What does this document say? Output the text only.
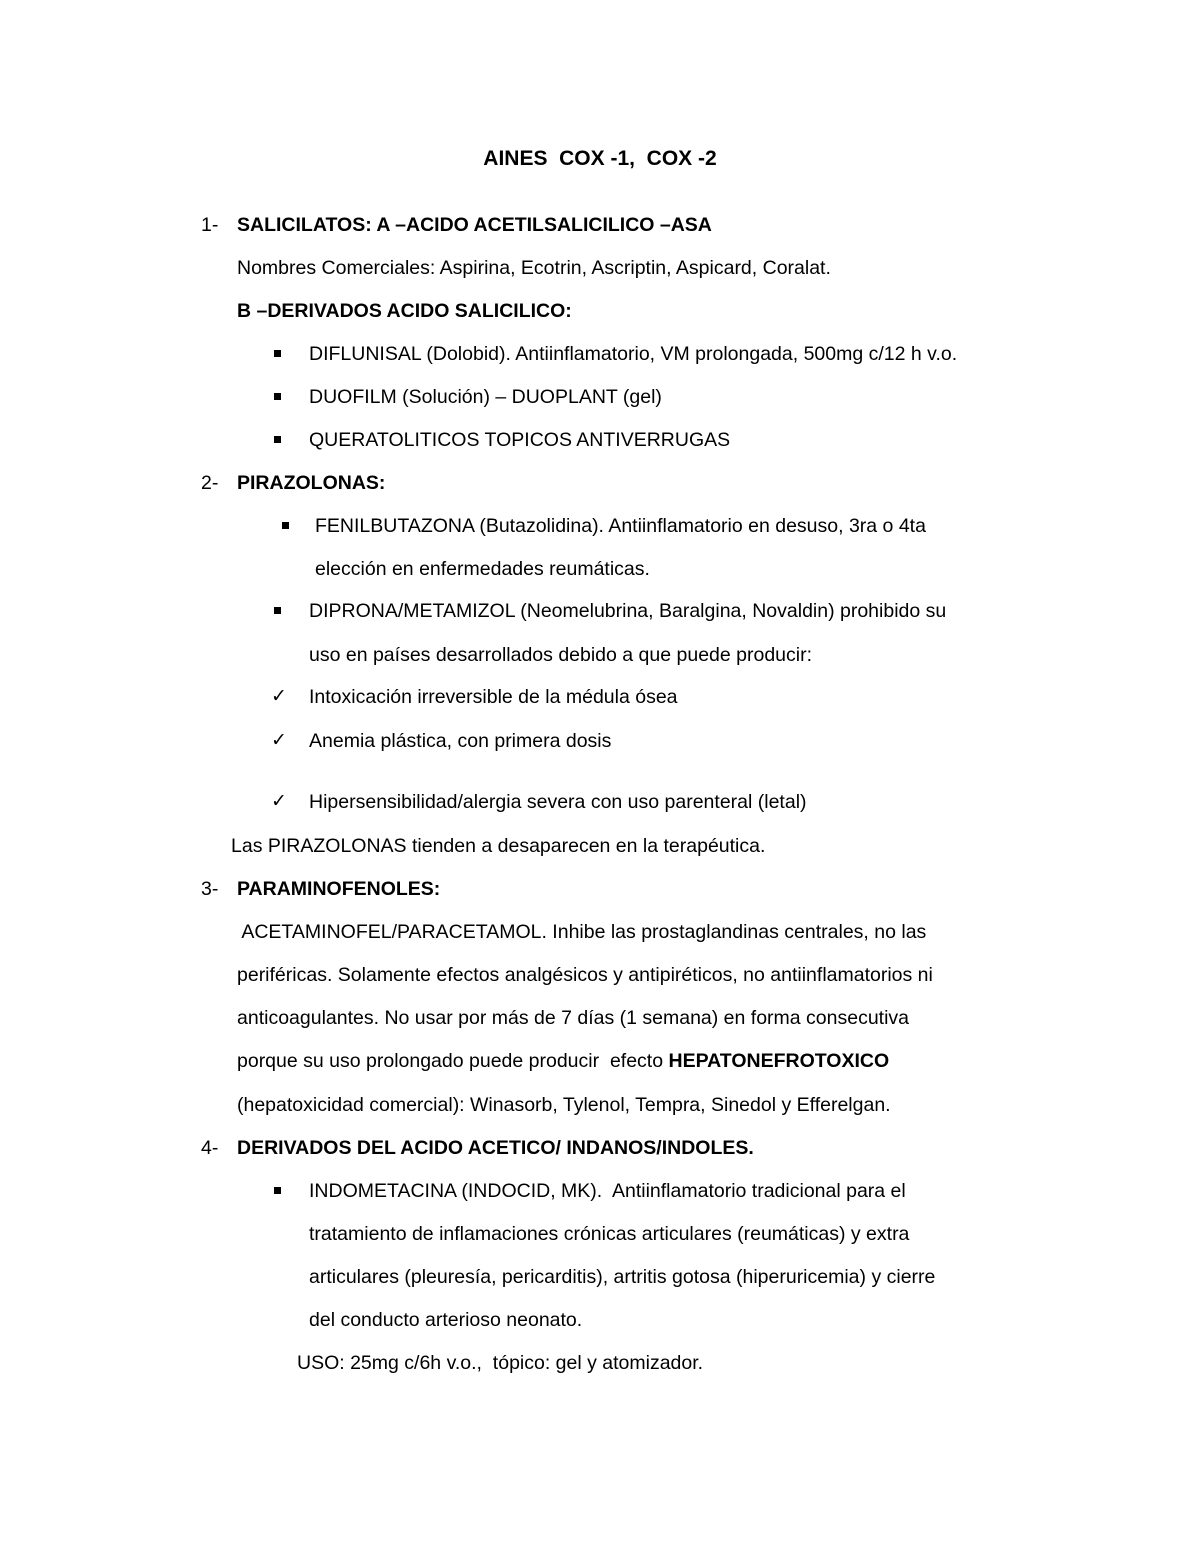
AINES  COX -1,  COX -2
1- SALICILATOS: A –ACIDO ACETILSALICILICO –ASA
Nombres Comerciales: Aspirina, Ecotrin, Ascriptin, Aspicard, Coralat.
B –DERIVADOS ACIDO SALICILICO:
DIFLUNISAL (Dolobid). Antiinflamatorio, VM prolongada, 500mg c/12 h v.o.
DUOFILM (Solución) – DUOPLANT (gel)
QUERATOLITICOS TOPICOS ANTIVERRUGAS
2- PIRAZOLONAS:
FENILBUTAZONA (Butazolidina). Antiinflamatorio en desuso, 3ra o 4ta
elección en enfermedades reumáticas.
DIPRONA/METAMIZOL (Neomelubrina, Baralgina, Novaldin) prohibido su
uso en países desarrollados debido a que puede producir:
✓ Intoxicación irreversible de la médula ósea
✓ Anemia plástica, con primera dosis
✓ Hipersensibilidad/alergia severa con uso parenteral (letal)
Las PIRAZOLONAS tienden a desaparecen en la terapéutica.
3- PARAMINOFENOLES:
ACETAMINOFEL/PARACETAMOL. Inhibe las prostaglandinas centrales, no las
periféricas. Solamente efectos analgésicos y antipiréticos, no antiinflamatorios ni
anticoagulantes. No usar por más de 7 días (1 semana) en forma consecutiva
porque su uso prolongado puede producir  efecto HEPATONEFROTOXICO
(hepatoxicidad comercial): Winasorb, Tylenol, Tempra, Sinedol y Efferelgan.
4- DERIVADOS DEL ACIDO ACETICO/ INDANOS/INDOLES.
INDOMETACINA (INDOCID, MK).  Antiinflamatorio tradicional para el
tratamiento de inflamaciones crónicas articulares (reumáticas) y extra
articulares (pleuresía, pericarditis), artritis gotosa (hiperuricemia) y cierre
del conducto arterioso neonato.
USO: 25mg c/6h v.o.,  tópico: gel y atomizador.
